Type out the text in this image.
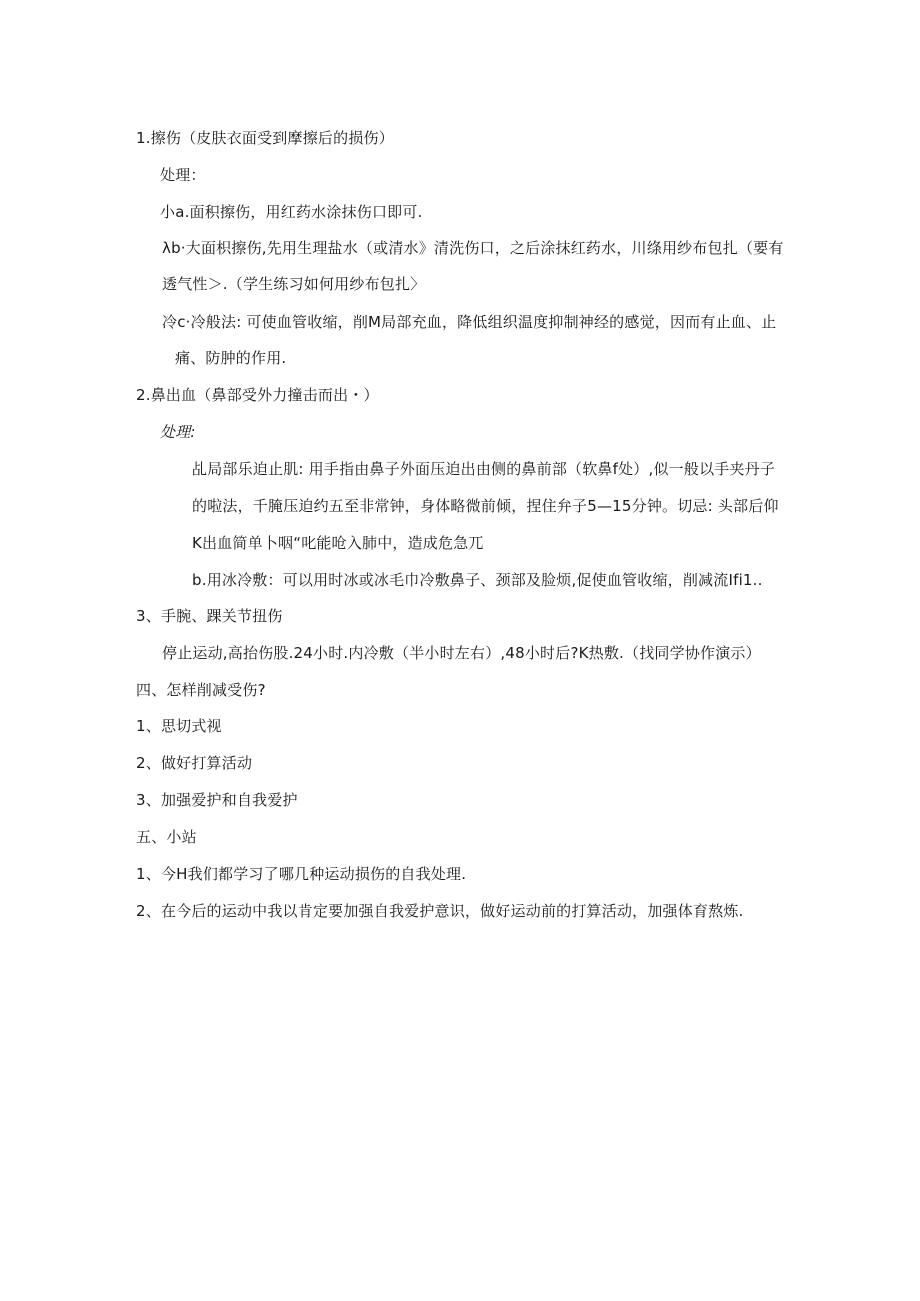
1.擦伤（皮肤衣面受到摩擦后的损伤）
处理：
小a.面积擦伤，用红药水涂抹伤口即可.
λb·大面枳擦伤,先用生理盐水（或清水》清洗伤口，之后涂抹红药水，川绦用纱布包扎（要有
透气性＞.（学生练习如何用纱布包扎〉
冷c·冷般法: 可使血管收缩，削M局部充血，降低组织温度抑制神经的感觉，因而有止血、止
痛、防肿的作用.
2.鼻出血（鼻部受外力撞击而出・）
处理:
乩局部乐迫止肌: 用手指由鼻子外面压迫出由侧的鼻前部（软鼻f处）,似一般以手夹丹子
的啦法，千腌压迫约五至非常钟，身体略微前倾，捏住弁子5—15分钟。切忌: 头部后仰
K出血简单卜咽“叱能呛入肺中，造成危急兀
b.用冰冷敷：可以用时冰或冰毛巾冷敷鼻子、颈部及脸烦,促使血管收缩，削减流Ifi1..
3、手腕、踝关节扭伤
停止运动,高抬伤股.24小时.内冷敷（半小时左右）,48小时后?K热敷.（找同学协作演示）
四、怎样削减受伤?
1、思切式视
2、做好打算活动
3、加强爱护和自我爱护
五、小站
1、今H我们都学习了哪几种运动损伤的自我处理.
2、在今后的运动中我以肯定要加强自我爱护意识，做好运动前的打算活动，加强体育熬炼.
